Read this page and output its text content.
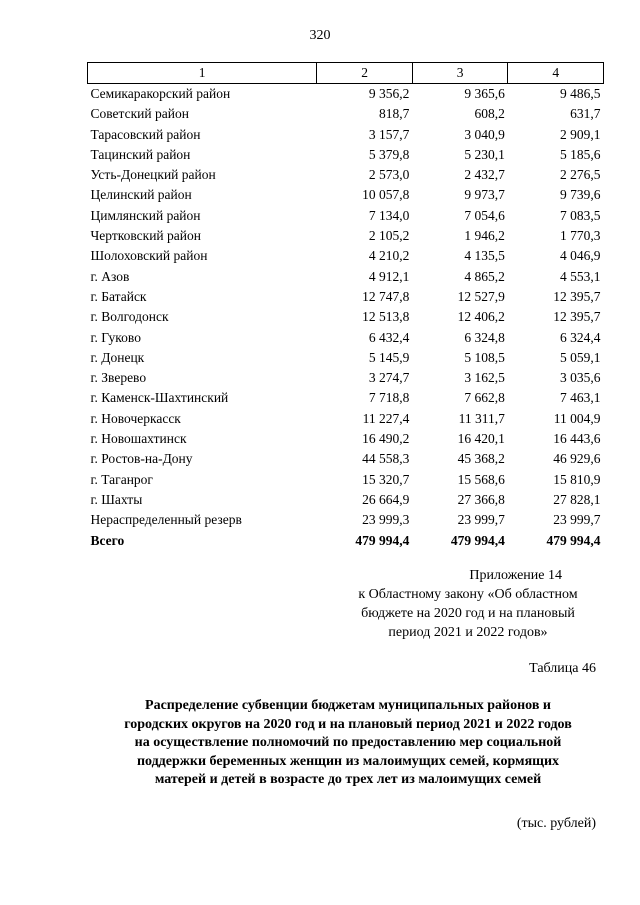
320
1	2	3	4
Семикаракорский район	9 356,2	9 365,6	9 486,5
Советский район	818,7	608,2	631,7
Тарасовский район	3 157,7	3 040,9	2 909,1
Тацинский район	5 379,8	5 230,1	5 185,6
Усть-Донецкий район	2 573,0	2 432,7	2 276,5
Целинский район	10 057,8	9 973,7	9 739,6
Цимлянский район	7 134,0	7 054,6	7 083,5
Чертковский район	2 105,2	1 946,2	1 770,3
Шолоховский район	4 210,2	4 135,5	4 046,9
г. Азов	4 912,1	4 865,2	4 553,1
г. Батайск	12 747,8	12 527,9	12 395,7
г. Волгодонск	12 513,8	12 406,2	12 395,7
г. Гуково	6 432,4	6 324,8	6 324,4
г. Донецк	5 145,9	5 108,5	5 059,1
г. Зверево	3 274,7	3 162,5	3 035,6
г. Каменск-Шахтинский	7 718,8	7 662,8	7 463,1
г. Новочеркасск	11 227,4	11 311,7	11 004,9
г. Новошахтинск	16 490,2	16 420,1	16 443,6
г. Ростов-на-Дону	44 558,3	45 368,2	46 929,6
г. Таганрог	15 320,7	15 568,6	15 810,9
г. Шахты	26 664,9	27 366,8	27 828,1
Нераспределенный резерв	23 999,3	23 999,7	23 999,7
Всего	479 994,4	479 994,4	479 994,4
Приложение 14
к Областному закону «Об областном
бюджете на 2020 год и на плановый
период 2021 и 2022 годов»
Таблица 46
Распределение субвенции бюджетам муниципальных районов и
городских округов на 2020 год и на плановый период 2021 и 2022 годов
на осуществление полномочий по предоставлению мер социальной
поддержки беременных женщин из малоимущих семей, кормящих
матерей и детей в возрасте до трех лет из малоимущих семей
(тыс. рублей)
